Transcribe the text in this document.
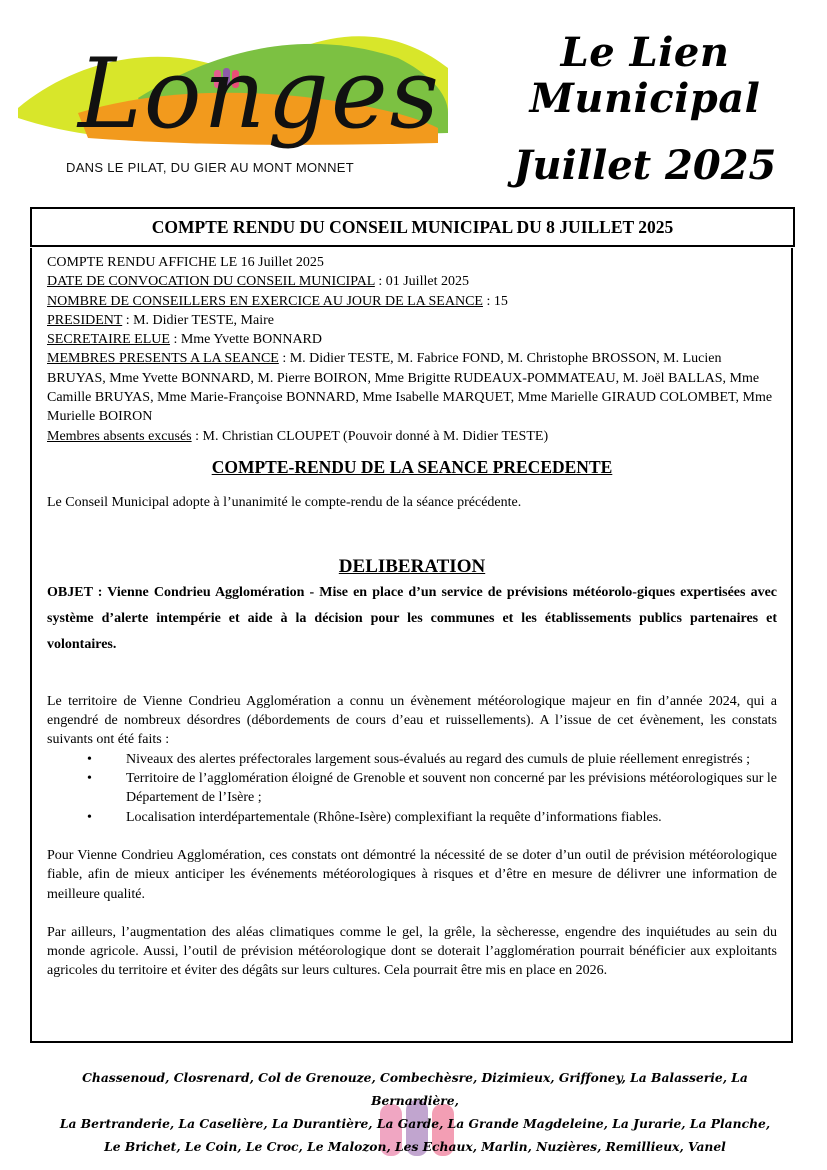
Longes
DANS LE PILAT, DU GIER AU MONT MONNET
Le Lien Municipal
Juillet 2025
COMPTE RENDU DU CONSEIL MUNICIPAL DU 8 JUILLET 2025

COMPTE RENDU AFFICHE LE 16 Juillet 2025

DATE DE CONVOCATION DU CONSEIL MUNICIPAL : 01 Juillet 2025

NOMBRE DE CONSEILLERS EN EXERCICE AU JOUR DE LA SEANCE : 15

PRESIDENT : M. Didier TESTE, Maire

SECRETAIRE ELUE : Mme Yvette BONNARD

MEMBRES PRESENTS A LA SEANCE : M. Didier TESTE, M. Fabrice FOND, M. Christophe BROSSON, M. Lucien BRUYAS, Mme Yvette BONNARD, M. Pierre BOIRON, Mme Brigitte RUDEAUX-POMMATEAU, M. Joël BALLAS, Mme Camille BRUYAS, Mme Marie-Françoise BONNARD, Mme Isabelle MARQUET, Mme Marielle GIRAUD COLOMBET, Mme Murielle BOIRON

Membres absents excusés : M. Christian CLOUPET (Pouvoir donné à M. Didier TESTE)

COMPTE-RENDU DE LA SEANCE PRECEDENTE

Le Conseil Municipal adopte à l’unanimité le compte-rendu de la séance précédente.

DELIBERATION
OBJET : Vienne Condrieu Agglomération - Mise en place d’un service de prévisions météorolo-giques expertisées avec système d’alerte intempérie et aide à la décision pour les communes et les établissements publics partenaires et volontaires.

Le territoire de Vienne Condrieu Agglomération a connu un évènement météorologique majeur en fin d’année 2024, qui a engendré de nombreux désordres (débordements de cours d’eau et ruissellements). A l’issue de cet évènement, les constats suivants ont été faits :

• Niveaux des alertes préfectorales largement sous-évalués au regard des cumuls de pluie réellement enregistrés ;
• Territoire de l’agglomération éloigné de Grenoble et souvent non concerné par les prévisions météorologiques sur le Département de l’Isère ;
• Localisation interdépartementale (Rhône-Isère) complexifiant la requête d’informations fiables.

Pour Vienne Condrieu Agglomération, ces constats ont démontré la nécessité de se doter d’un outil de prévision météorologique fiable, afin de mieux anticiper les événements météorologiques à risques et d’être en mesure de délivrer une information de meilleure qualité.

Par ailleurs, l’augmentation des aléas climatiques comme le gel, la grêle, la sècheresse, engendre des inquiétudes au sein du monde agricole. Aussi, l’outil de prévision météorologique dont se doterait l’agglomération pourrait bénéficier aux exploitants agricoles du territoire et éviter des dégâts sur leurs cultures. Cela pourrait être mis en place en 2026.

Chassenoud, Closrenard, Col de Grenouze, Combechèsre, Dizimieux, Griffoney, La Balasserie, La Bernardière,
La Bertranderie, La Caselière, La Durantière, La Garde, La Grande Magdeleine, La Jurarie, La Planche,
Le Brichet, Le Coin, Le Croc, Le Malozon, Les Echaux, Marlin, Nuzières, Remillieux, Vanel
